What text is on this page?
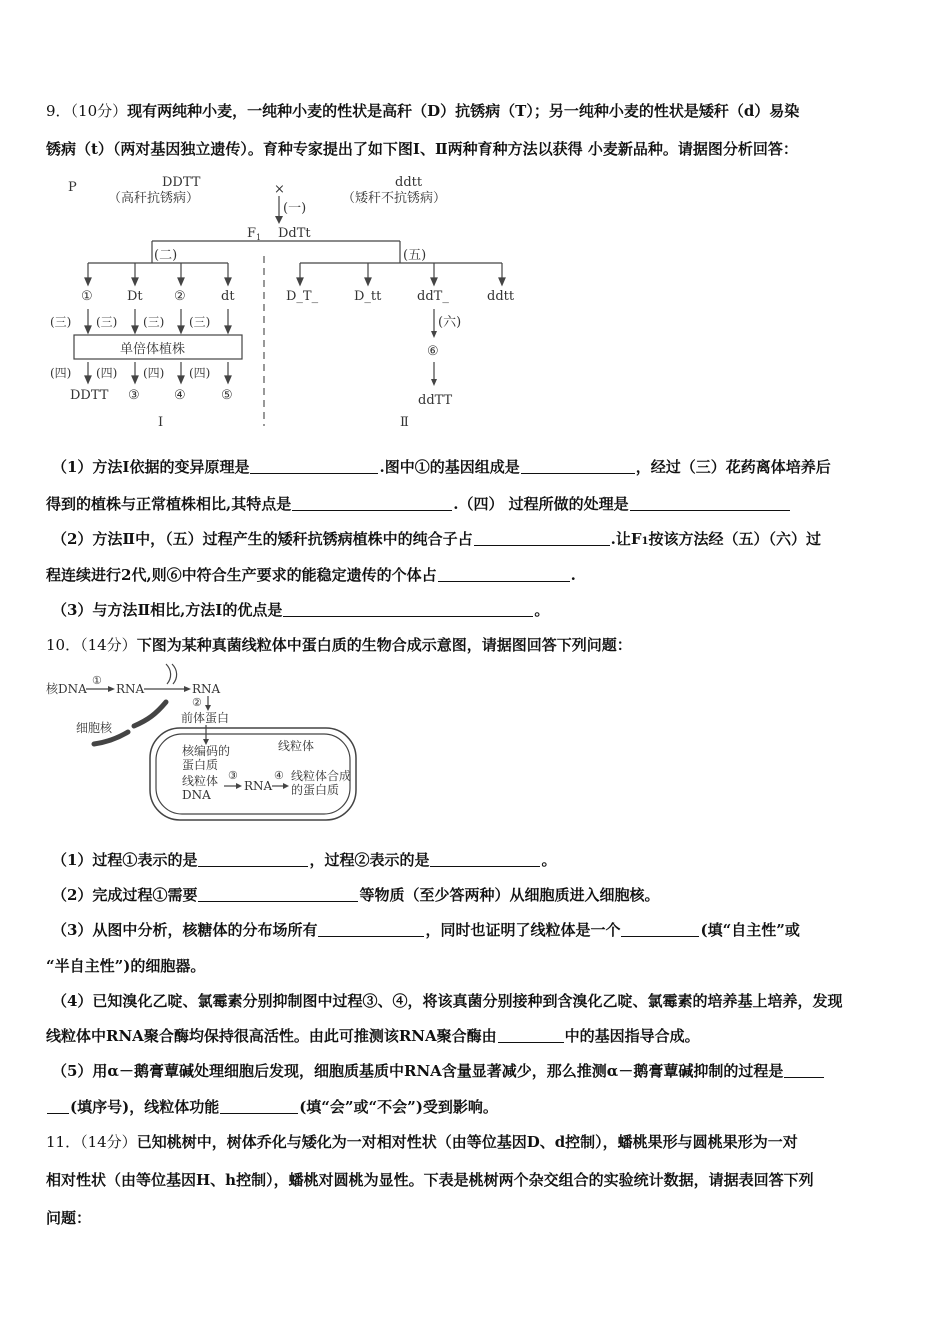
9．（10分）现有两纯种小麦，一纯种小麦的性状是高秆（D）抗锈病（T）；另一纯种小麦的性状是矮秆（d）易染
锈病（t）（两对基因独立遗传）。育种专家提出了如下图Ⅰ、Ⅱ两种育种方法以获得 小麦新品种。请据图分析回答：
P	DDTT
（高秆抗锈病）
×	ddtt
（矮秆不抗锈病）
(一)
$F_1$ DdTt
(二)
①	Dt ②	dt
(三) (三) (三) (三)
单倍体植株
(四) (四) (四) (四)
DDTT ③	④	⑤
Ⅰ
(五)
D_T_	D_tt	ddT_	ddtt
(六)
⑥
ddTT
Ⅱ
（1）方法Ⅰ依据的变异原理是	.图中①的基因组成是	，经过（三）花药离体培养后
得到的植株与正常植株相比,其特点是	.（四） 过程所做的处理是
（2）方法Ⅱ中，（五）过程产生的矮秆抗锈病植株中的纯合子占	.让F1按该方法经（五）（六）过
程连续进行2代,则⑥中符合生产要求的能稳定遗传的个体占	.
（3）与方法Ⅱ相比,方法Ⅰ的优点是	。
10．（14分）下图为某种真菌线粒体中蛋白质的生物合成示意图，请据图回答下列问题：
核DNA
①
RNA	RNA
细胞核
②
前体蛋白
线粒体
核编码的
蛋白质
线粒体
DNA
③
RNA
④ 线粒体合成
的蛋白质
（1）过程①表示的是	，过程②表示的是	。
（2）完成过程①需要	等物质（至少答两种）从细胞质进入细胞核。
（3）从图中分析，核糖体的分布场所有	，同时也证明了线粒体是一个	(填“自主性”或
“半自主性”)的细胞器。
（4）已知溴化乙啶、氯霉素分别抑制图中过程③、④，将该真菌分别接种到含溴化乙啶、氯霉素的培养基上培养，发现
线粒体中RNA聚合酶均保持很高活性。由此可推测该RNA聚合酶由	中的基因指导合成。
（5）用α－鹅膏蕈碱处理细胞后发现，细胞质基质中RNA含量显著减少，那么推测α－鹅膏蕈碱抑制的过程是
(填序号)，线粒体功能	(填“会”或“不会”)受到影响。
11．（14分）已知桃树中，树体乔化与矮化为一对相对性状（由等位基因D、d控制），蟠桃果形与圆桃果形为一对
相对性状（由等位基因H、h控制），蟠桃对圆桃为显性。下表是桃树两个杂交组合的实验统计数据，请据表回答下列
问题：
